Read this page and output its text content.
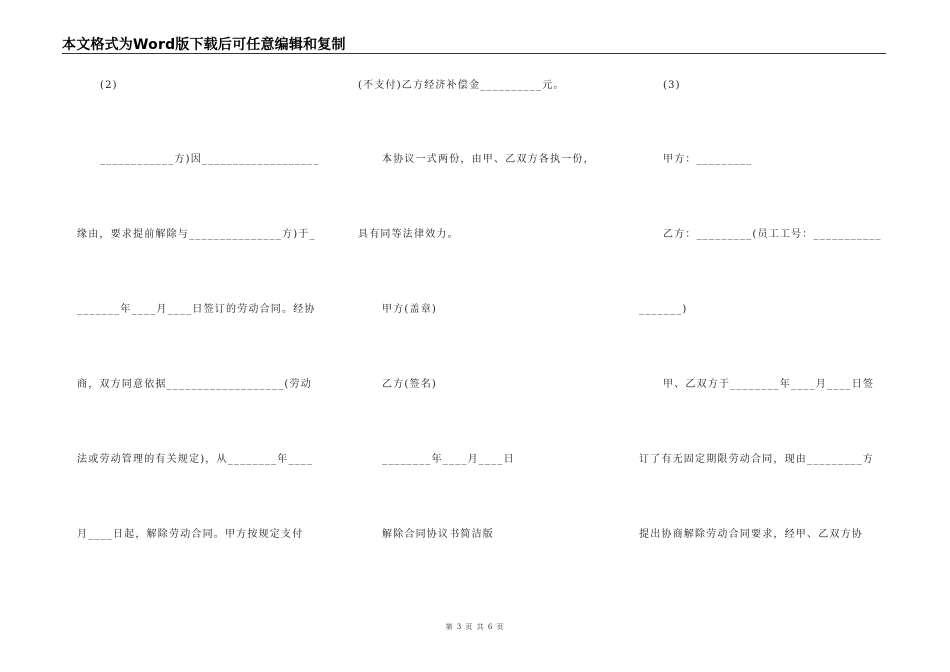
本文格式为Word版下载后可任意编辑和复制
(2)
____________方)因___________________
缘由，要求提前解除与_______________方)于_
_______年____月____日签订的劳动合同。经协
商，双方同意依据___________________(劳动
法或劳动管理的有关规定)，从________年____
月____日起，解除劳动合同。甲方按规定支付
(不支付)乙方经济补偿金__________元。
本协议一式两份，由甲、乙双方各执一份，
具有同等法律效力。
甲方(盖章)
乙方(签名)
________年____月____日
解除合同协议书简洁版
(3)
甲方：_________
乙方：_________(员工工号：___________
_______)
甲、乙双方于________年____月____日签
订了有无固定期限劳动合同，现由_________方
提出协商解除劳动合同要求，经甲、乙双方协
第 3 页 共 6 页
